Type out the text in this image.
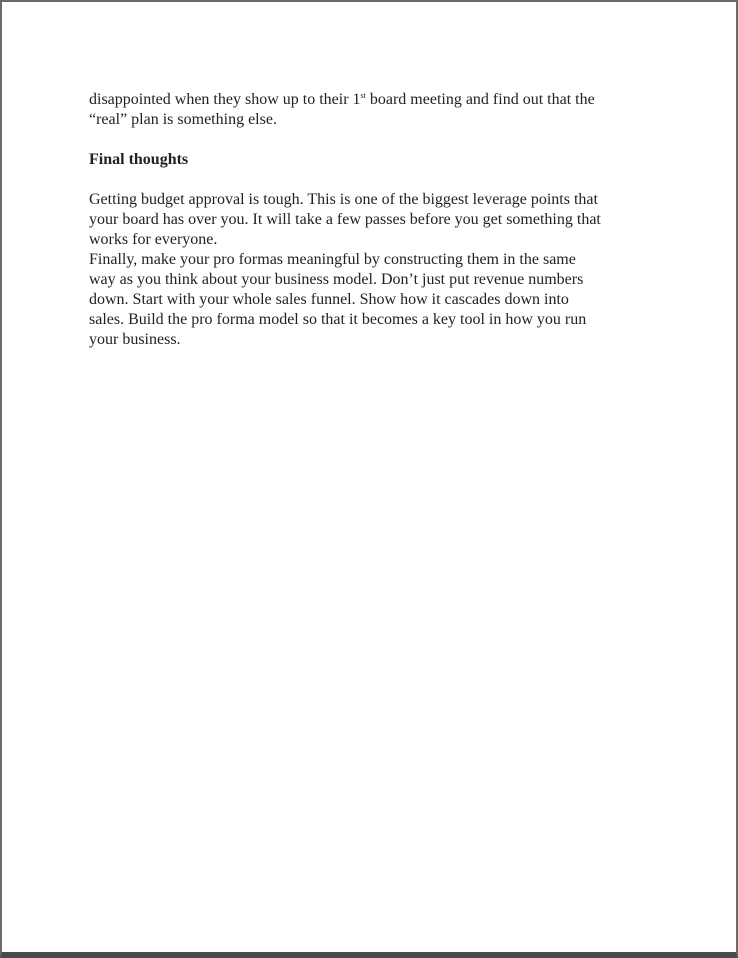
disappointed when they show up to their 1st board meeting and find out that the
“real” plan is something else.

Final thoughts

Getting budget approval is tough. This is one of the biggest leverage points that
your board has over you. It will take a few passes before you get something that
works for everyone.

Finally, make your pro formas meaningful by constructing them in the same
way as you think about your business model. Don’t just put revenue numbers
down. Start with your whole sales funnel. Show how it cascades down into
sales. Build the pro forma model so that it becomes a key tool in how you run
your business.
